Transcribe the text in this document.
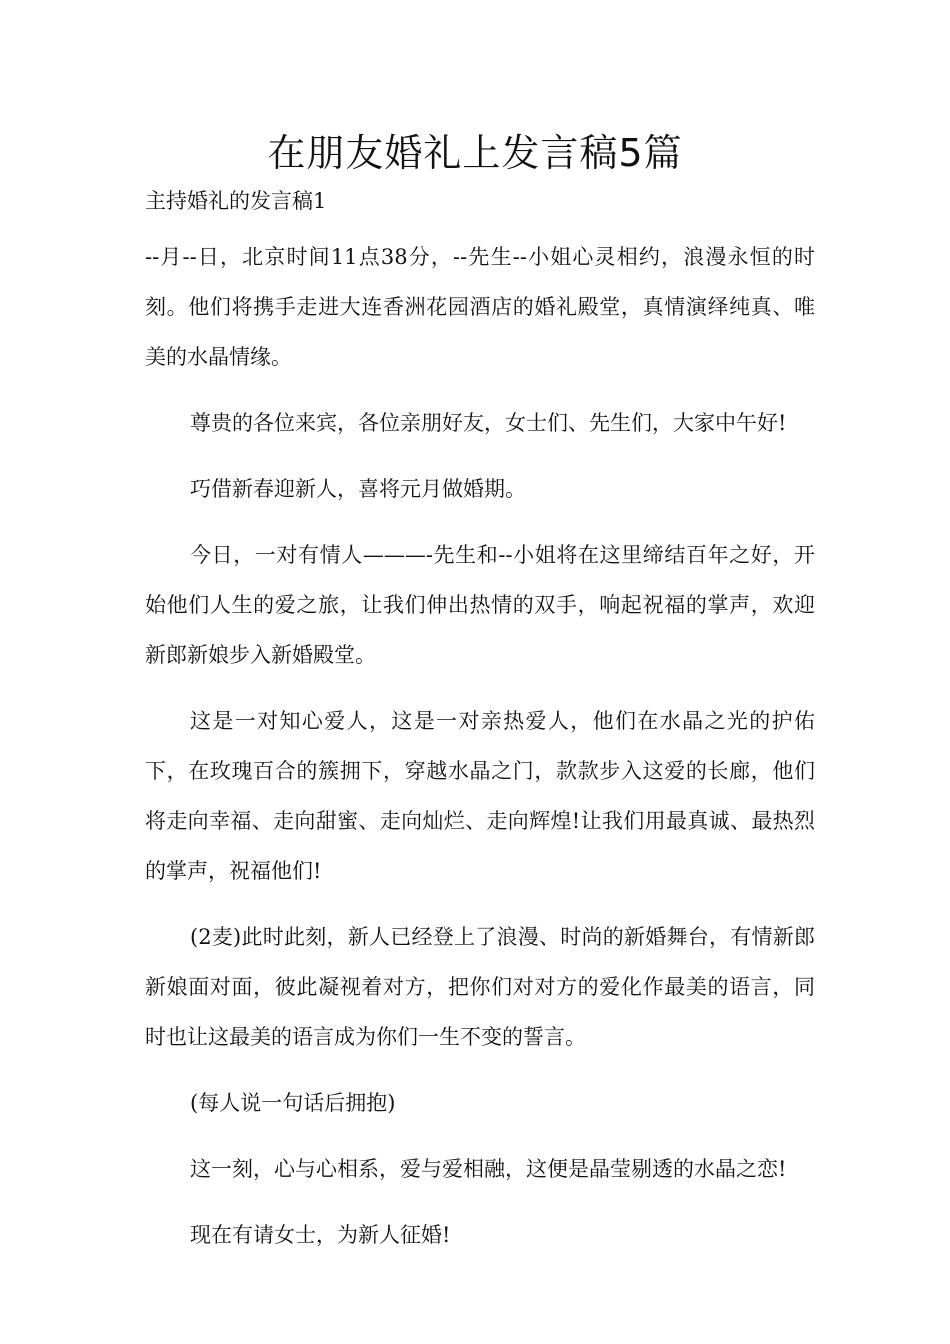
在朋友婚礼上发言稿5篇
主持婚礼的发言稿1

--月--日，北京时间11点38分，--先生--小姐心灵相约，浪漫永恒的时刻。他们将携手走进大连香洲花园酒店的婚礼殿堂，真情演绎纯真、唯美的水晶情缘。

尊贵的各位来宾，各位亲朋好友，女士们、先生们，大家中午好!

巧借新春迎新人，喜将元月做婚期。

今日，一对有情人———-先生和--小姐将在这里缔结百年之好，开始他们人生的爱之旅，让我们伸出热情的双手，响起祝福的掌声，欢迎新郎新娘步入新婚殿堂。

这是一对知心爱人，这是一对亲热爱人，他们在水晶之光的护佑下，在玫瑰百合的簇拥下，穿越水晶之门，款款步入这爱的长廊，他们将走向幸福、走向甜蜜、走向灿烂、走向辉煌!让我们用最真诚、最热烈的掌声，祝福他们!

(2麦)此时此刻，新人已经登上了浪漫、时尚的新婚舞台，有情新郎新娘面对面，彼此凝视着对方，把你们对对方的爱化作最美的语言，同时也让这最美的语言成为你们一生不变的誓言。

(每人说一句话后拥抱)

这一刻，心与心相系，爱与爱相融，这便是晶莹剔透的水晶之恋!

现在有请女士，为新人征婚!
